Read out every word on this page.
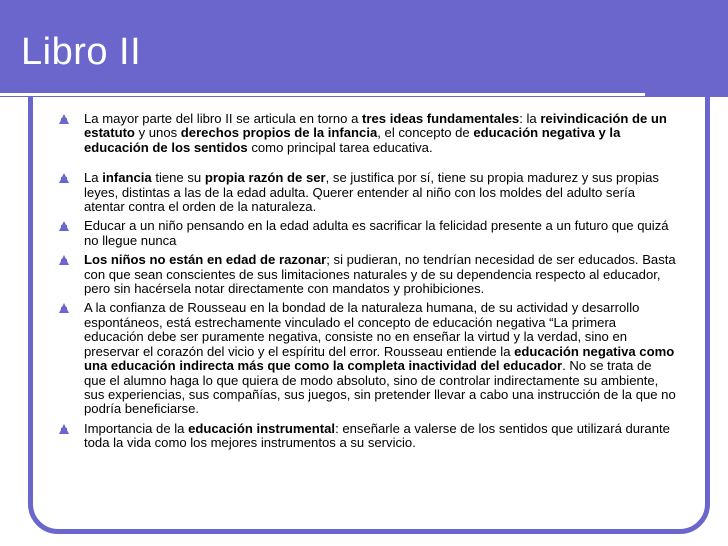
Libro II
La mayor parte del libro II se articula en torno a tres ideas fundamentales: la reivindicación de un estatuto y unos derechos propios de la infancia, el concepto de educación negativa y la educación de los sentidos como principal tarea educativa.
La infancia tiene su propia razón de ser, se justifica por sí, tiene su propia madurez y sus propias leyes, distintas a las de la edad adulta. Querer entender al niño con los moldes del adulto sería atentar contra el orden de la naturaleza.
Educar a un niño pensando en la edad adulta es sacrificar la felicidad presente a un futuro que quizá no llegue nunca
Los niños no están en edad de razonar; si pudieran, no tendrían necesidad de ser educados. Basta con que sean conscientes de sus limitaciones naturales y de su dependencia respecto al educador, pero sin hacérsela notar directamente con mandatos y prohibiciones.
A la confianza de Rousseau en la bondad de la naturaleza humana, de su actividad y desarrollo espontáneos, está estrechamente vinculado el concepto de educación negativa “La primera educación debe ser puramente negativa, consiste no en enseñar la virtud y la verdad, sino en preservar el corazón del vicio y el espíritu del error. Rousseau entiende la educación negativa como una educación indirecta más que como la completa inactividad del educador. No se trata de que el alumno haga lo que quiera de modo absoluto, sino de controlar indirectamente su ambiente, sus experiencias, sus compañías, sus juegos, sin pretender llevar a cabo una instrucción de la que no podría beneficiarse.
Importancia de la educación instrumental: enseñarle a valerse de los sentidos que utilizará durante toda la vida como los mejores instrumentos a su servicio.
